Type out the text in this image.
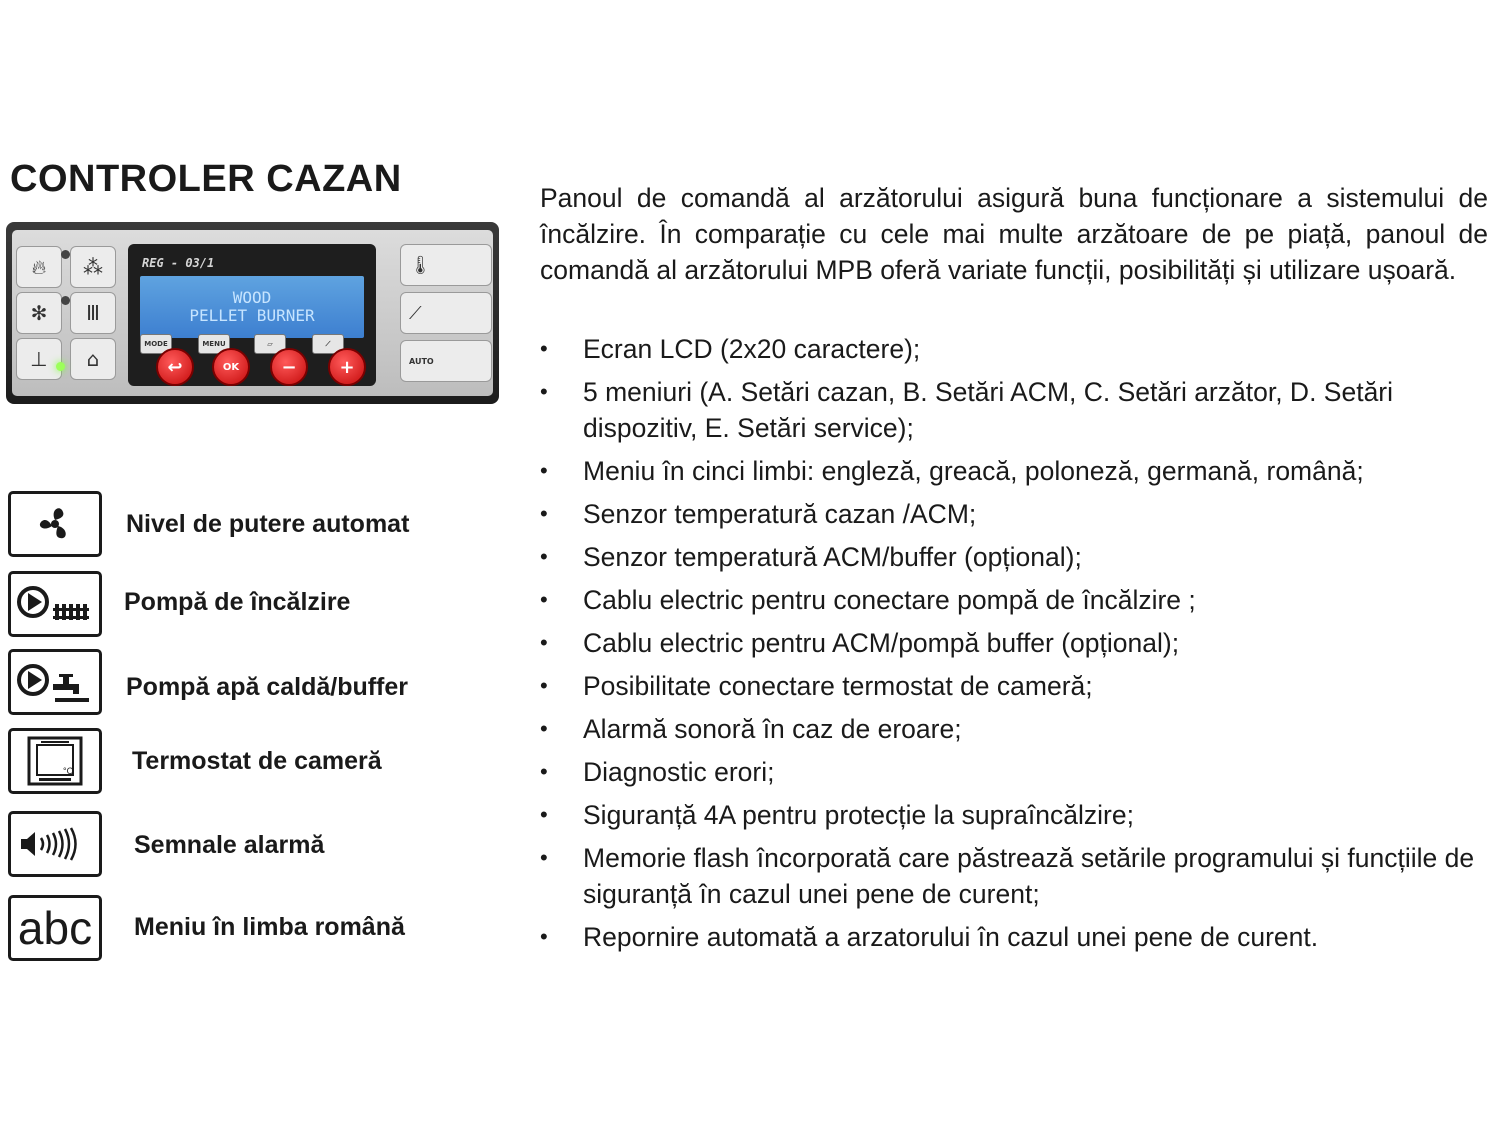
CONTROLER CAZAN
🔥︎	⁂
✻	Ⅲ
⊥	⌂
REG - 03/1
WOOD
PELLET BURNER
MODE	MENU	▱	⟋
↩	OK	−	+
🌡︎
⟋
AUTO
Nivel de putere automat
Pompă de încălzire
Pompă apă caldă/buffer
°C Termostat de cameră
Semnale alarmă
abc Meniu în limba română
Panoul de comandă al arzătorului asigură buna funcționare a sistemului de încălzire. În comparație cu cele mai multe arzătoare de pe piață, panoul de comandă al arzătorului MPB oferă variate funcții, posibilități și utilizare ușoară.
• Ecran LCD (2x20 caractere);
• 5 meniuri (A. Setări cazan, B. Setări ACM, C. Setări arzător, D. Setări dispozitiv, E. Setări service);
• Meniu în cinci limbi: engleză, greacă, poloneză, germană, română;
• Senzor temperatură cazan /ACM;
• Senzor temperatură ACM/buffer (opțional);
• Cablu electric pentru conectare pompă de încălzire ;
• Cablu electric pentru ACM/pompă buffer (opțional);
• Posibilitate conectare termostat de cameră;
• Alarmă sonoră în caz de eroare;
• Diagnostic erori;
• Siguranță 4A pentru protecție la supraîncălzire;
• Memorie flash încorporată care păstrează setările programului și funcțiile de siguranță în cazul unei pene de curent;
• Repornire automată a arzatorului în cazul unei pene de curent.
